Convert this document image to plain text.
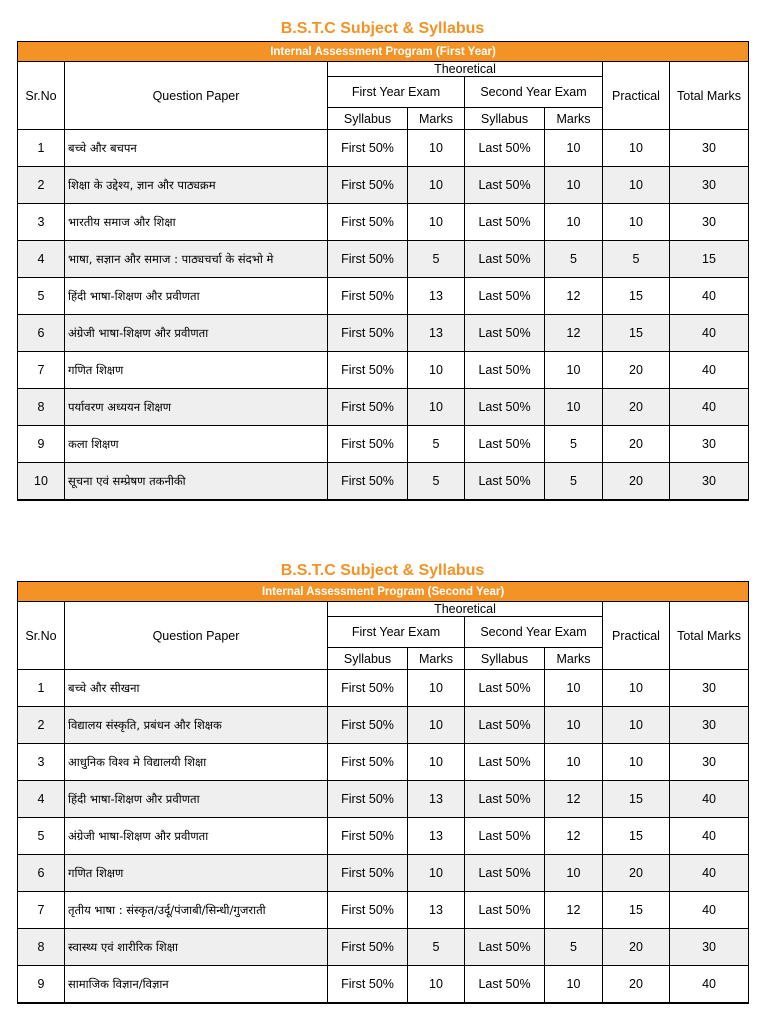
B.S.T.C Subject & Syllabus
Internal Assessment Program (First Year)							
Sr.No	Question Paper	Theoretical				Practical	Total Marks
		First Year Exam		Second Year Exam			
		Syllabus	Marks	Syllabus	Marks		
1	बच्चे और बचपन	First 50%	10	Last 50%	10	10	30
2	शिक्षा के उद्देश्य, ज्ञान और पाठ्यक्रम	First 50%	10	Last 50%	10	10	30
3	भारतीय समाज और शिक्षा	First 50%	10	Last 50%	10	10	30
4	भाषा, सज्ञान और समाज : पाठ्यचर्चा के संदभो मे	First 50%	5	Last 50%	5	5	15
5	हिंदी भाषा-शिक्षण और प्रवीणता	First 50%	13	Last 50%	12	15	40
6	अंग्रेजी भाषा-शिक्षण और प्रवीणता	First 50%	13	Last 50%	12	15	40
7	गणित शिक्षण	First 50%	10	Last 50%	10	20	40
8	पर्यावरण अध्ययन शिक्षण	First 50%	10	Last 50%	10	20	40
9	कला शिक्षण	First 50%	5	Last 50%	5	20	30
10	सूचना एवं सम्प्रेषण तकनीकी	First 50%	5	Last 50%	5	20	30
B.S.T.C Subject & Syllabus
Internal Assessment Program (Second Year)							
Sr.No	Question Paper	Theoretical				Practical	Total Marks
		First Year Exam		Second Year Exam			
		Syllabus	Marks	Syllabus	Marks		
1	बच्चे और सीखना	First 50%	10	Last 50%	10	10	30
2	विद्यालय संस्कृति, प्रबंधन और शिक्षक	First 50%	10	Last 50%	10	10	30
3	आधुनिक विश्व मे विद्यालयी शिक्षा	First 50%	10	Last 50%	10	10	30
4	हिंदी भाषा-शिक्षण और प्रवीणता	First 50%	13	Last 50%	12	15	40
5	अंग्रेजी भाषा-शिक्षण और प्रवीणता	First 50%	13	Last 50%	12	15	40
6	गणित शिक्षण	First 50%	10	Last 50%	10	20	40
7	तृतीय भाषा : संस्कृत/उर्दू/पंजाबी/सिन्धी/गुजराती	First 50%	13	Last 50%	12	15	40
8	स्वास्थ्य एवं शारीरिक शिक्षा	First 50%	5	Last 50%	5	20	30
9	सामाजिक विज्ञान/विज्ञान	First 50%	10	Last 50%	10	20	40
